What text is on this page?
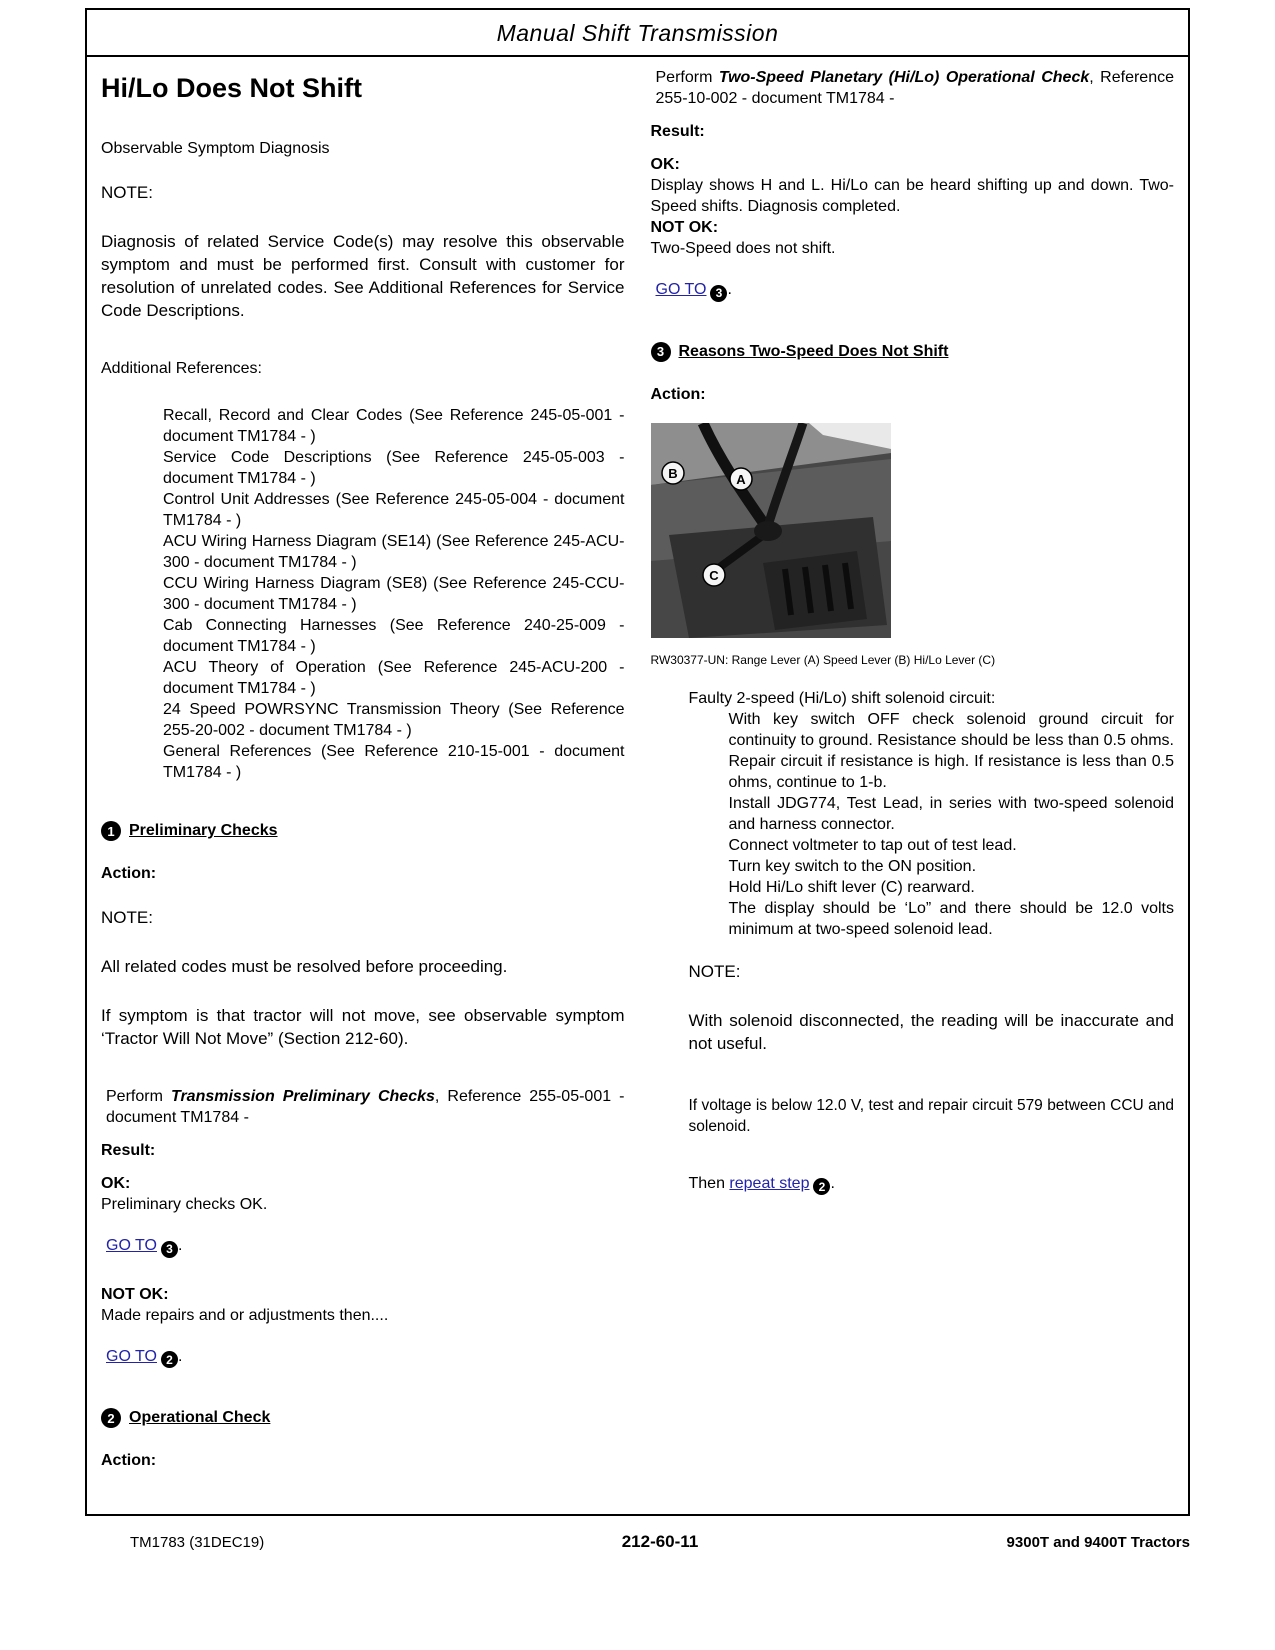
Manual Shift Transmission
Hi/Lo Does Not Shift

Observable Symptom Diagnosis

NOTE:

Diagnosis of related Service Code(s) may resolve this observable symptom and must be performed first. Consult with customer for resolution of unrelated codes. See Additional References for Service Code Descriptions.

Additional References:

Recall, Record and Clear Codes (See Reference 245-05-001 - document TM1784 - )

Service Code Descriptions (See Reference 245-05-003 - document TM1784 - )

Control Unit Addresses (See Reference 245-05-004 - document TM1784 - )

ACU Wiring Harness Diagram (SE14) (See Reference 245-ACU-300 - document TM1784 - )

CCU Wiring Harness Diagram (SE8) (See Reference 245-CCU-300 - document TM1784 - )

Cab Connecting Harnesses (See Reference 240-25-009 - document TM1784 - )

ACU Theory of Operation (See Reference 245-ACU-200 - document TM1784 - )

24 Speed POWRSYNC Transmission Theory (See Reference 255-20-002 - document TM1784 - )

General References (See Reference 210-15-001 - document TM1784 - )

1 Preliminary Checks

Action:

NOTE:

All related codes must be resolved before proceeding.

If symptom is that tractor will not move, see observable symptom ‘Tractor Will Not Move” (Section 212-60).

Perform Transmission Preliminary Checks, Reference 255-05-001 - document TM1784 -

Result:

OK:

Preliminary checks OK.

GO TO 3 .

NOT OK:

Made repairs and or adjustments then....

GO TO 2 .
2 Operational Check

Action:

Perform Two-Speed Planetary (Hi/Lo) Operational Check, Reference 255-10-002 - document TM1784 -

Result:

OK:

Display shows H and L. Hi/Lo can be heard shifting up and down. Two-Speed shifts. Diagnosis completed.

NOT OK:

Two-Speed does not shift.

GO TO 3 .
3 Reasons Two-Speed Does Not Shift

Action:

B	A
C

RW30377-UN: Range Lever (A) Speed Lever (B) Hi/Lo Lever (C)

Faulty 2-speed (Hi/Lo) shift solenoid circuit:

With key switch OFF check solenoid ground circuit for continuity to ground. Resistance should be less than 0.5 ohms. Repair circuit if resistance is high. If resistance is less than 0.5 ohms, continue to 1-b.

Install JDG774, Test Lead, in series with two-speed solenoid and harness connector.

Connect voltmeter to tap out of test lead.

Turn key switch to the ON position.

Hold Hi/Lo shift lever (C) rearward.

The display should be ‘Lo” and there should be 12.0 volts minimum at two-speed solenoid lead.

NOTE:

With solenoid disconnected, the reading will be inaccurate and not useful.

If voltage is below 12.0 V, test and repair circuit 579 between CCU and solenoid.

Then repeat step 2 .

TM1783 (31DEC19)	212-60-11	9300T and 9400T Tractors
